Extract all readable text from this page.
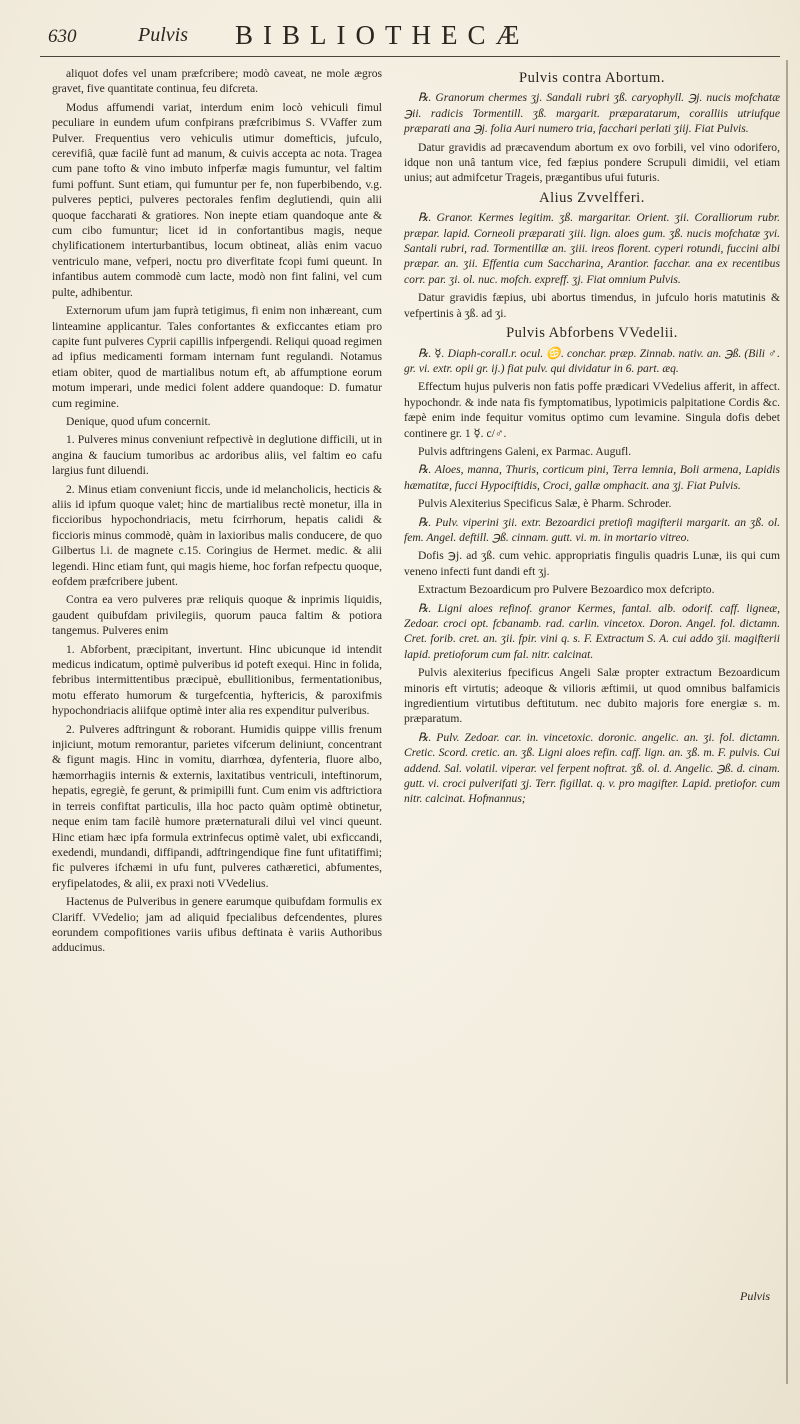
630	Pulvis BIBLIOTHECÆ

aliquot dofes vel unam præfcribere; modò caveat, ne mole ægros gravet, five quantitate continua, feu difcreta.

Modus affumendi variat, interdum enim locò vehiculi fimul peculiare in eundem ufum confpirans præfcribimus S. VVaffer zum Pulver. Frequentius vero vehiculis utimur domefticis, jufculo, cerevifiâ, quæ facilè funt ad manum, & cuivis accepta ac nota. Tragea cum pane tofto & vino imbuto infperfæ magis fumuntur, vel faltim fumi poffunt. Sunt etiam, qui fumuntur per fe, non fuperbibendo, v.g. pulveres peptici, pulveres pectorales fenfim deglutiendi, quin alii quoque faccharati & gratiores. Non inepte etiam quandoque ante & cum cibo fumuntur; licet id in confortantibus magis, neque chylificationem interturbantibus, locum obtineat, aliàs enim vacuo ventriculo mane, vefperi, noctu pro diverfitate fcopi fumi queunt. In infantibus autem commodè cum lacte, modò non fint falini, vel cum pulte, adhibentur.

Externorum ufum jam fuprà tetigimus, fi enim non inhæreant, cum linteamine applicantur. Tales confortantes & exficcantes etiam pro capite funt pulveres Cyprii capillis infpergendi. Reliqui quoad regimen ad ipfius medicamenti formam internam funt regulandi. Notamus etiam obiter, quod de martialibus notum eft, ab affumptione eorum motum imperari, unde medici folent addere quandoque: D. fumatur cum regimine.

Denique, quod ufum concernit.

1. Pulveres minus conveniunt refpectivè in deglutione difficili, ut in angina & faucium tumoribus ac ardoribus aliis, vel faltim eo cafu largius funt diluendi.

2. Minus etiam conveniunt ficcis, unde id melancholicis, hecticis & aliis id ipfum quoque valet; hinc de martialibus rectè monetur, illa in ficcioribus hypochondriacis, metu fcirrhorum, hepatis calidi & ficcioris minus commodè, quàm in laxioribus malis conducere, de quo Gilbertus l.i. de magnete c.15. Coringius de Hermet. medic. & alii legendi. Hinc etiam funt, qui magis hieme, hoc forfan refpectu quoque, eofdem præfcribere jubent.

Contra ea vero pulveres præ reliquis quoque & inprimis liquidis, gaudent quibufdam privilegiis, quorum pauca faltim & potiora tangemus. Pulveres enim

1. Abforbent, præcipitant, invertunt. Hinc ubicunque id intendit medicus indicatum, optimè pulveribus id poteft exequi. Hinc in folida, febribus intermittentibus præcipuè, ebullitionibus, fermentationibus, motu efferato humorum & turgefcentia, hyftericis, & paroxifmis hypochondriacis aliifque optimè inter alia res expenditur pulveribus.

2. Pulveres adftringunt & roborant. Humidis quippe villis frenum injiciunt, motum remorantur, parietes vifcerum deliniunt, concentrant & figunt magis. Hinc in vomitu, diarrhœa, dyfenteria, fluore albo, hæmorrhagiis internis & externis, laxitatibus ventriculi, inteftinorum, hepatis, egregiè, fe gerunt, & primipilli funt. Cum enim vis adftrictiora in terreis confiftat particulis, illa hoc pacto quàm optimè obtinetur, neque enim tam facilè humore præternaturali diluì vel vinci queunt. Hinc etiam hæc ipfa formula extrinfecus optimè valet, ubi exficcandi, exedendi, mundandi, diffipandi, adftringendique fine funt ufitatiffimi; fic pulveres ifchæmi in ufu funt, pulveres cathæretici, abfumentes, eryfipelatodes, & alii, ex praxi noti VVedelius.

Hactenus de Pulveribus in genere earumque quibufdam formulis ex Clariff. VVedelio; jam ad aliquid fpecialibus defcendentes, plures eorundem compofitiones variis ufibus deftinata è variis Authoribus adducimus.

Pulvis contra Abortum.

℞. Granorum chermes ʒj. Sandali rubri ʒß. caryophyll. ℈j. nucis mofchatæ ℈ii. radicis Tormentill. ʒß. margarit. præparatarum, coralliis utriufque præparati ana ℈j. folia Auri numero tria, facchari perlati ʒiij. Fiat Pulvis.

Datur gravidis ad præcavendum abortum ex ovo forbili, vel vino odorifero, idque non unâ tantum vice, fed fæpius pondere Scrupuli dimidii, vel etiam unius; aut admifcetur Trageis, prægantibus ufui futuris.

Alius Zvvelfferi.

℞. Granor. Kermes legitim. ʒß. margaritar. Orient. ʒii. Coralliorum rubr. præpar. lapid. Corneoli præparati ʒiii. lign. aloes gum. ʒß. nucis mofchatæ ʒvi. Santali rubri, rad. Tormentillæ an. ʒiii. ireos florent. cyperi rotundi, fuccini albi præpar. an. ʒii. Effentia cum Saccharina, Arantior. facchar. ana ex recentibus corr. par. ʒi. ol. nuc. mofch. expreff. ʒj. Fiat omnium Pulvis.

Datur gravidis fæpius, ubi abortus timendus, in jufculo horis matutinis & vefpertinis à ʒß. ad ʒi.

Pulvis Abforbens VVedelii.

℞. ☿. Diaph-corall.r. ocul. ♋. conchar. præp. Zinnab. nativ. an. ℈ß. (Bili ♂. gr. vi. extr. opii gr. ij.) fiat pulv. qui dividatur in 6. part. æq.

Effectum hujus pulveris non fatis poffe prædicari VVedelius afferit, in affect. hypochondr. & inde nata fis fymptomatibus, lypotimicis palpitatione Cordis &c. fæpè enim inde fequitur vomitus optimo cum levamine. Singula dofis debet continere gr. 1 ☿. c/♂.

Pulvis adftringens Galeni, ex Parmac. Augufl.

℞. Aloes, manna, Thuris, corticum pini, Terra lemnia, Boli armena, Lapidis hæmatitæ, fucci Hypociftidis, Croci, gallæ omphacit. ana ʒj. Fiat Pulvis.

Pulvis Alexiterius Specificus Salæ, è Pharm. Schroder.

℞. Pulv. viperini ʒii. extr. Bezoardici pretiofi magifterii margarit. an ʒß. ol. fem. Angel. deftill. ℈ß. cinnam. gutt. vi. m. in mortario vitreo.

Dofis ℈j. ad ʒß. cum vehic. appropriatis fingulis quadris Lunæ, iis qui cum veneno infecti funt dandi eft ʒj.

Extractum Bezoardicum pro Pulvere Bezoardico mox defcripto.

℞. Ligni aloes refinof. granor Kermes, fantal. alb. odorif. caff. ligneæ, Zedoar. croci opt. fcbanamb. rad. carlin. vincetox. Doron. Angel. fol. dictamn. Cret. forib. cret. an. ʒii. fpir. vini q. s. F. Extractum S. A. cui addo ʒii. magifterii lapid. pretioforum cum fal. nitr. calcinat.

Pulvis alexiterius fpecificus Angeli Salæ propter extractum Bezoardicum minoris eft virtutis; adeoque & vilioris æftimii, ut quod omnibus balfamicis ingredientium virtutibus deftitutum. nec dubito majoris fore energiæ s. m. præparatum.

℞. Pulv. Zedoar. car. in. vincetoxic. doronic. angelic. an. ʒi. fol. dictamn. Cretic. Scord. cretic. an. ʒß. Ligni aloes refin. caff. lign. an. ʒß. m. F. pulvis. Cui addend. Sal. volatil. viperar. vel ferpent noftrat. ʒß. ol. d. Angelic. ℈ß. d. cinam. gutt. vi. croci pulverifati ʒj. Terr. figillat. q. v. pro magifter. Lapid. pretiofor. cum nitr. calcinat. Hofmannus;

Pulvis
